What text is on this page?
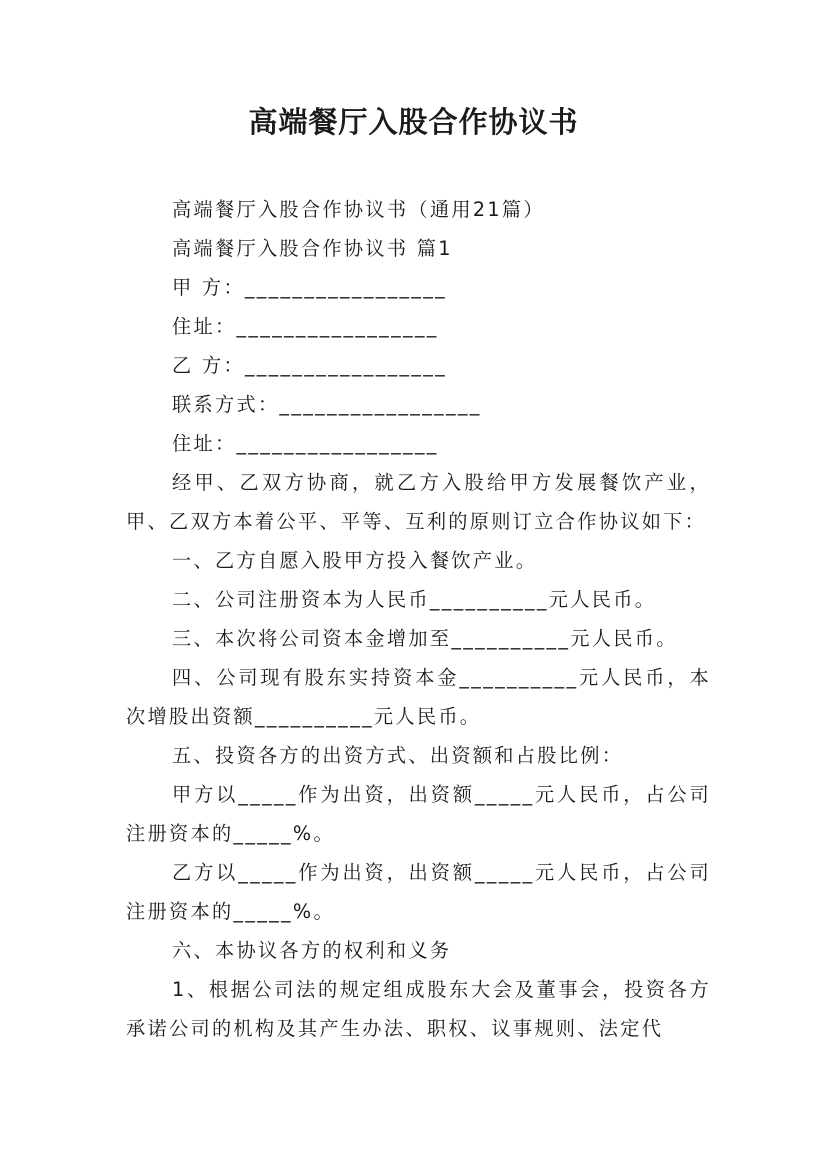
高端餐厅入股合作协议书

高端餐厅入股合作协议书（通用21篇）

高端餐厅入股合作协议书 篇1

甲 方：_________________

住址：_________________

乙 方：_________________

联系方式：_________________

住址：_________________

经甲、乙双方协商，就乙方入股给甲方发展餐饮产业，甲、乙双方本着公平、平等、互利的原则订立合作协议如下：

一、乙方自愿入股甲方投入餐饮产业。

二、公司注册资本为人民币__________元人民币。

三、本次将公司资本金增加至__________元人民币。

四、公司现有股东实持资本金__________元人民币，本次增股出资额__________元人民币。

五、投资各方的出资方式、出资额和占股比例：

甲方以_____作为出资，出资额_____元人民币，占公司注册资本的_____%。

乙方以_____作为出资，出资额_____元人民币，占公司注册资本的_____%。

六、本协议各方的权利和义务

1、根据公司法的规定组成股东大会及董事会，投资各方承诺公司的机构及其产生办法、职权、议事规则、法定代
